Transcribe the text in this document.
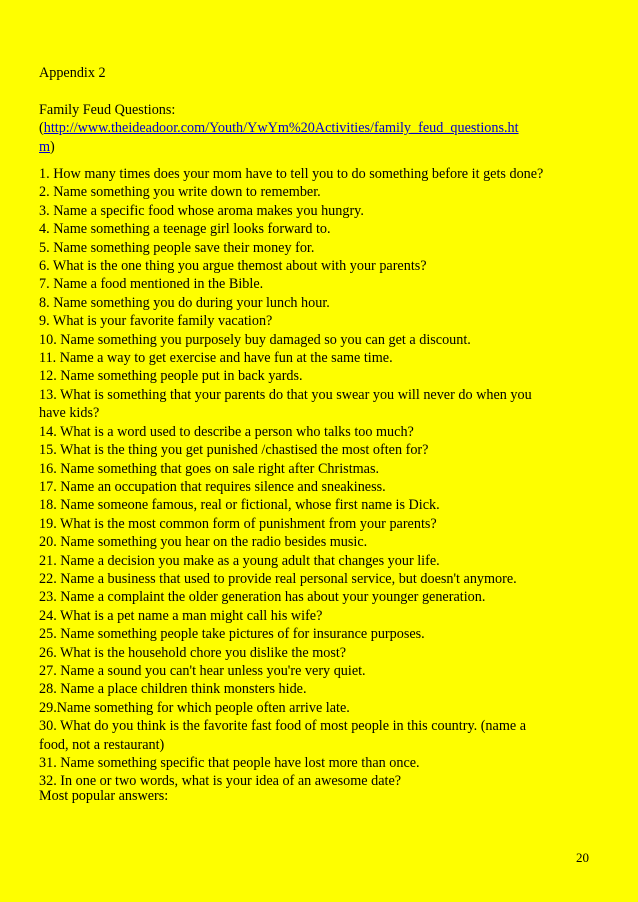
Appendix 2
Family Feud Questions:
(http://www.theideadoor.com/Youth/YwYm%20Activities/family_feud_questions.ht
m)

1. How many times does your mom have to tell you to do something before it gets done?

2. Name something you write down to remember.

3. Name a specific food whose aroma makes you hungry.

4. Name something a teenage girl looks forward to.

5. Name something people save their money for.

6. What is the one thing you argue themost about with your parents?

7. Name a food mentioned in the Bible.

8. Name something you do during your lunch hour.

9. What is your favorite family vacation?

10. Name something you purposely buy damaged so you can get a discount.

11. Name a way to get exercise and have fun at the same time.

12. Name something people put in back yards.

13. What is something that your parents do that you swear you will never do when you have kids?

14. What is a word used to describe a person who talks too much?

15. What is the thing you get punished /chastised the most often for?

16. Name something that goes on sale right after Christmas.

17. Name an occupation that requires silence and sneakiness.

18. Name someone famous, real or fictional, whose first name is Dick.

19. What is the most common form of punishment from your parents?

20. Name something you hear on the radio besides music.

21. Name a decision you make as a young adult that changes your life.

22. Name a business that used to provide real personal service, but doesn't anymore.

23. Name a complaint the older generation has about your younger generation.

24. What is a pet name a man might call his wife?

25. Name something people take pictures of for insurance purposes.

26. What is the household chore you dislike the most?

27. Name a sound you can't hear unless you're very quiet.

28. Name a place children think monsters hide.

29.Name something for which people often arrive late.

30. What do you think is the favorite fast food of most people in this country. (name a food, not a restaurant)

31. Name something specific that people have lost more than once.

32. In one or two words, what is your idea of an awesome date?

Most popular answers:
20
